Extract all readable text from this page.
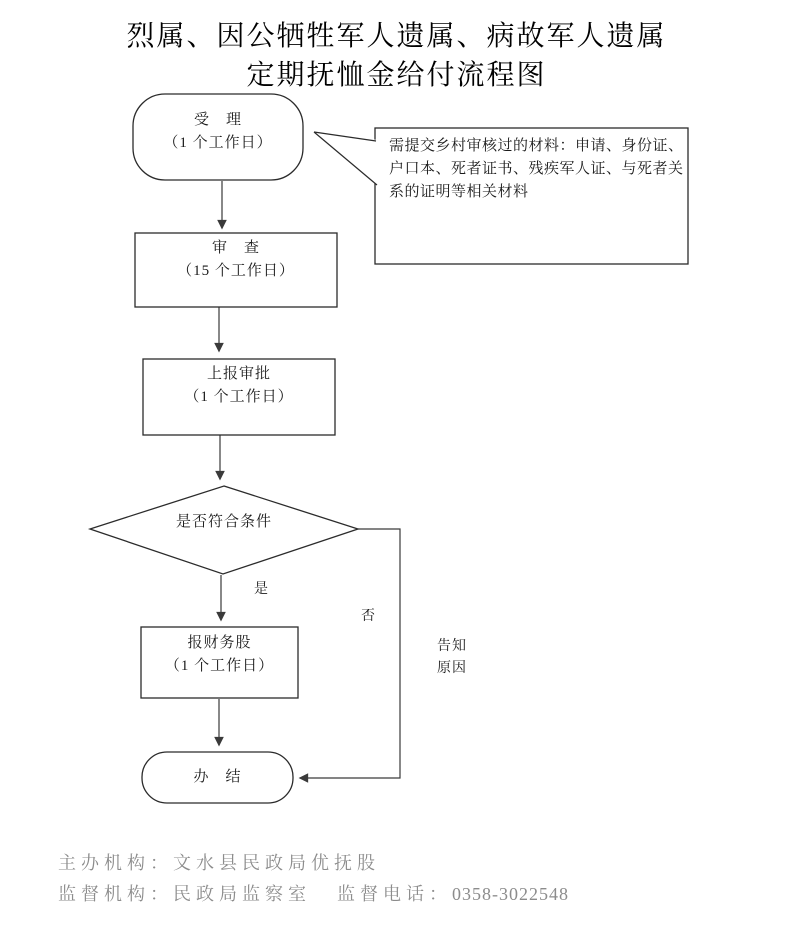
烈属、因公牺牲军人遗属、病故军人遗属
定期抚恤金给付流程图
受　理
（1 个工作日）	需提交乡村审核过的材料：申请、身份证、户口本、死者证书、残疾军人证、与死者关系的证明等相关材料
审　查
（15 个工作日）
上报审批
（1 个工作日）
是否符合条件
是
否
告知
原因
报财务股
（1 个工作日）
办　结
主办机构：文水县民政局优抚股
监督机构：民政局监察室 监督电话：0358-3022548
